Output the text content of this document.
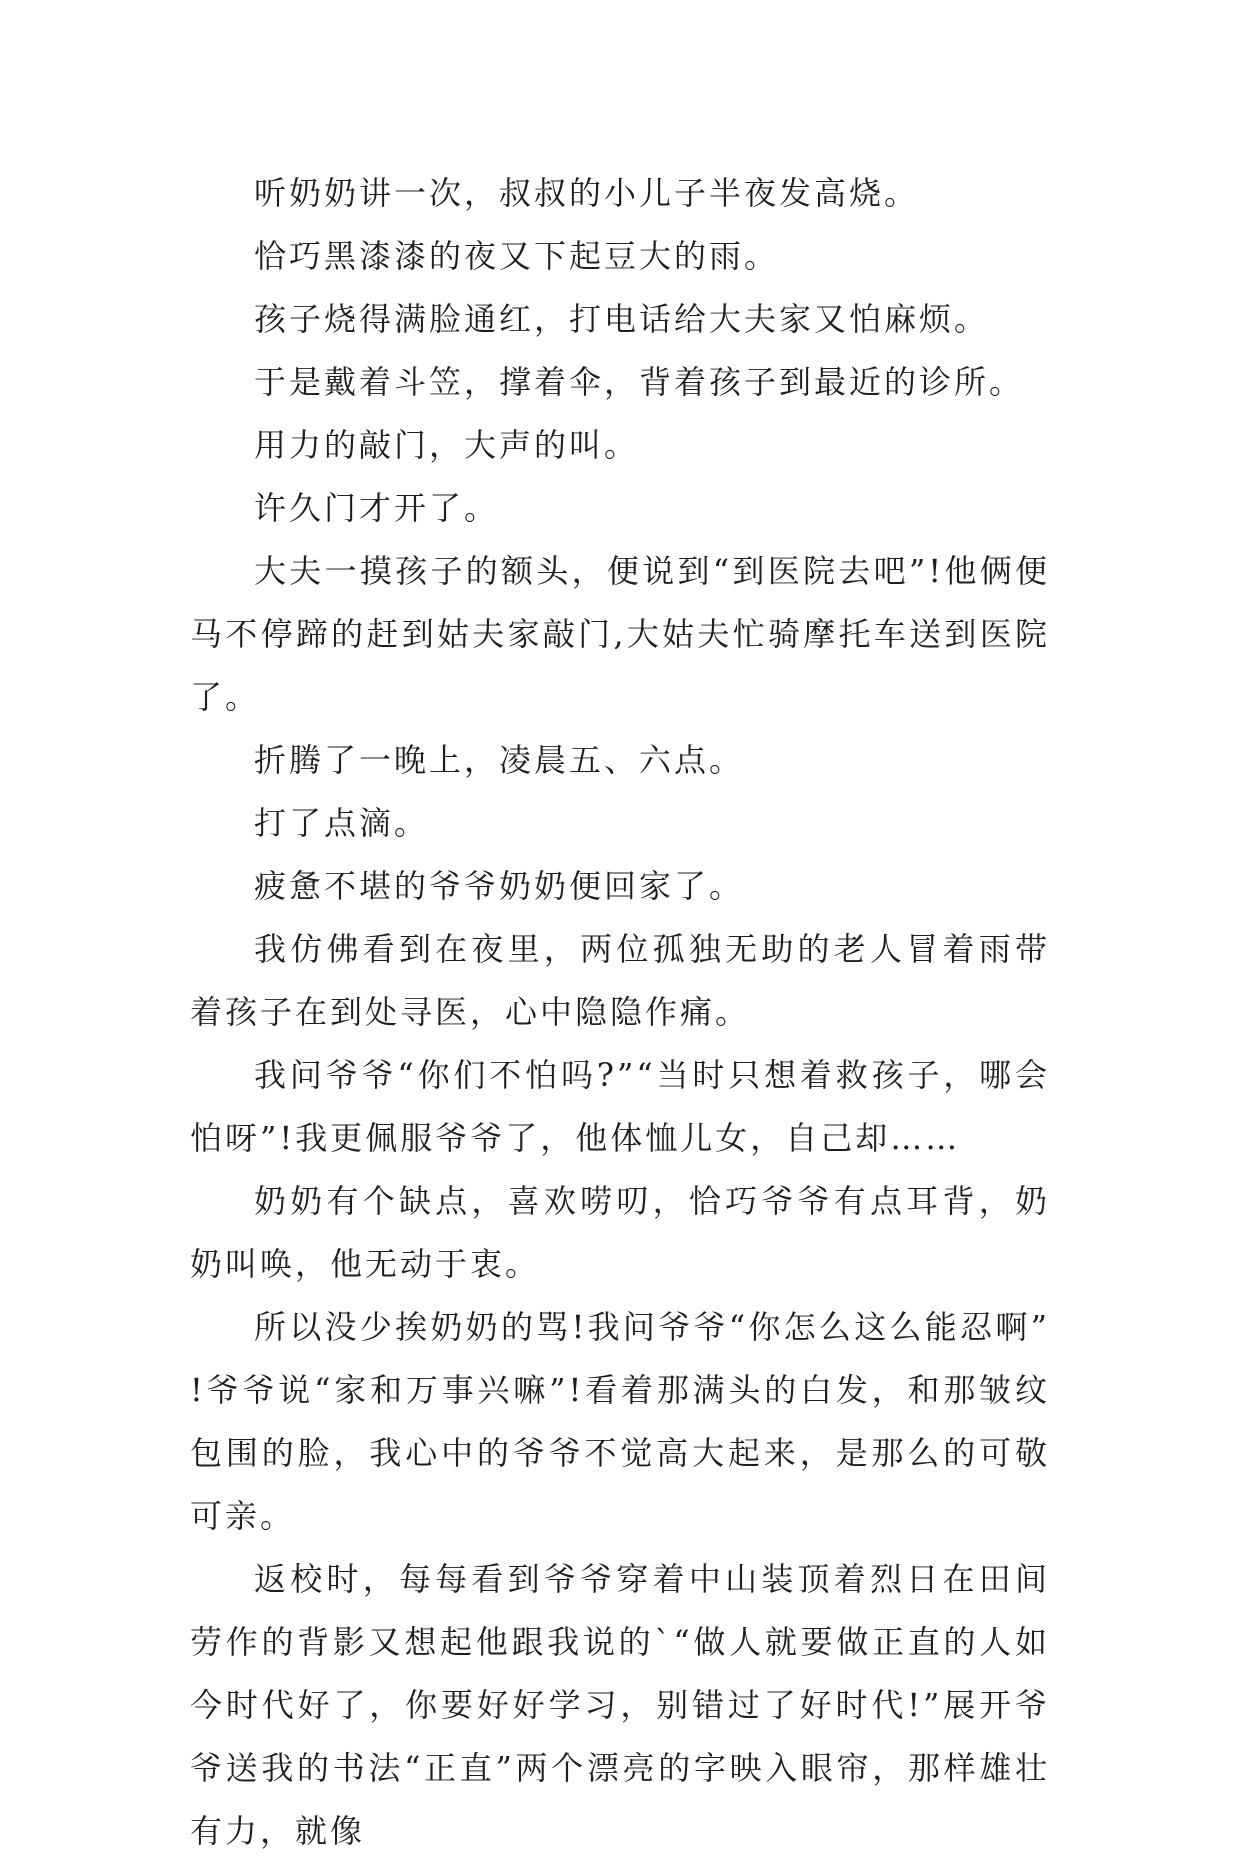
听奶奶讲一次，叔叔的小儿子半夜发高烧。

恰巧黑漆漆的夜又下起豆大的雨。

孩子烧得满脸通红，打电话给大夫家又怕麻烦。

于是戴着斗笠，撑着伞，背着孩子到最近的诊所。

用力的敲门，大声的叫。

许久门才开了。

大夫一摸孩子的额头，便说到“到医院去吧”!他俩便马不停蹄的赶到姑夫家敲门,大姑夫忙骑摩托车送到医院了。

折腾了一晚上，凌晨五、六点。

打了点滴。

疲惫不堪的爷爷奶奶便回家了。

我仿佛看到在夜里，两位孤独无助的老人冒着雨带着孩子在到处寻医，心中隐隐作痛。

我问爷爷“你们不怕吗?”“当时只想着救孩子，哪会怕呀”!我更佩服爷爷了，他体恤儿女，自己却……

奶奶有个缺点，喜欢唠叨，恰巧爷爷有点耳背，奶奶叫唤，他无动于衷。

所以没少挨奶奶的骂!我问爷爷“你怎么这么能忍啊”!爷爷说“家和万事兴嘛”!看着那满头的白发，和那皱纹包围的脸，我心中的爷爷不觉高大起来，是那么的可敬可亲。

返校时，每每看到爷爷穿着中山装顶着烈日在田间劳作的背影又想起他跟我说的`“做人就要做正直的人如今时代好了，你要好好学习，别错过了好时代!”展开爷爷送我的书法“正直”两个漂亮的字映入眼帘，那样雄壮有力，就像
